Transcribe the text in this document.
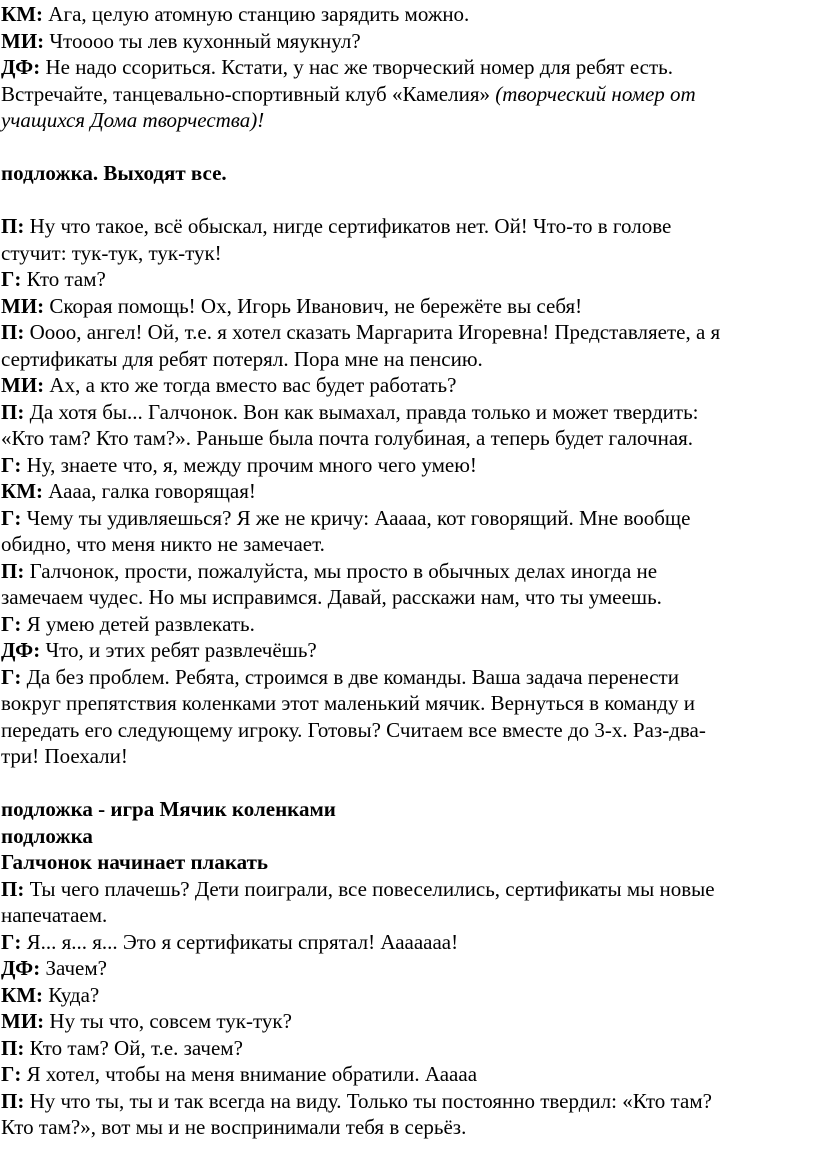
КМ: Ага, целую атомную станцию зарядить можно.
МИ: Чтоооо ты лев кухонный мяукнул?
ДФ: Не надо ссориться. Кстати, у нас же творческий номер для ребят есть.
Встречайте, танцевально-спортивный клуб «Камелия» (творческий номер от
учащихся Дома творчества)!
подложка. Выходят все.
П: Ну что такое, всё обыскал, нигде сертификатов нет. Ой! Что-то в голове
стучит: тук-тук, тук-тук!
Г: Кто там?
МИ: Скорая помощь! Ох, Игорь Иванович, не бережёте вы себя!
П: Оооо, ангел! Ой, т.е. я хотел сказать Маргарита Игоревна! Представляете, а я
сертификаты для ребят потерял. Пора мне на пенсию.
МИ: Ах, а кто же тогда вместо вас будет работать?
П: Да хотя бы... Галчонок. Вон как вымахал, правда только и может твердить:
«Кто там? Кто там?». Раньше была почта голубиная, а теперь будет галочная.
Г: Ну, знаете что, я, между прочим много чего умею!
КМ: Аааа, галка говорящая!
Г: Чему ты удивляешься? Я же не кричу: Ааааа, кот говорящий. Мне вообще
обидно, что меня никто не замечает.
П: Галчонок, прости, пожалуйста, мы просто в обычных делах иногда не
замечаем чудес. Но мы исправимся. Давай, расскажи нам, что ты умеешь.
Г: Я умею детей развлекать.
ДФ: Что, и этих ребят развлечёшь?
Г: Да без проблем. Ребята, строимся в две команды. Ваша задача перенести
вокруг препятствия коленками этот маленький мячик. Вернуться в команду и
передать его следующему игроку. Готовы? Считаем все вместе до 3-х. Раз-два-
три! Поехали!
подложка - игра Мячик коленками
подложка
Галчонок начинает плакать
П: Ты чего плачешь? Дети поиграли, все повеселились, сертификаты мы новые
напечатаем.
Г: Я... я... я... Это я сертификаты спрятал! Ааааааа!
ДФ: Зачем?
КМ: Куда?
МИ: Ну ты что, совсем тук-тук?
П: Кто там? Ой, т.е. зачем?
Г: Я хотел, чтобы на меня внимание обратили. Ааааа
П: Ну что ты, ты и так всегда на виду. Только ты постоянно твердил: «Кто там?
Кто там?», вот мы и не воспринимали тебя в серьёз.
